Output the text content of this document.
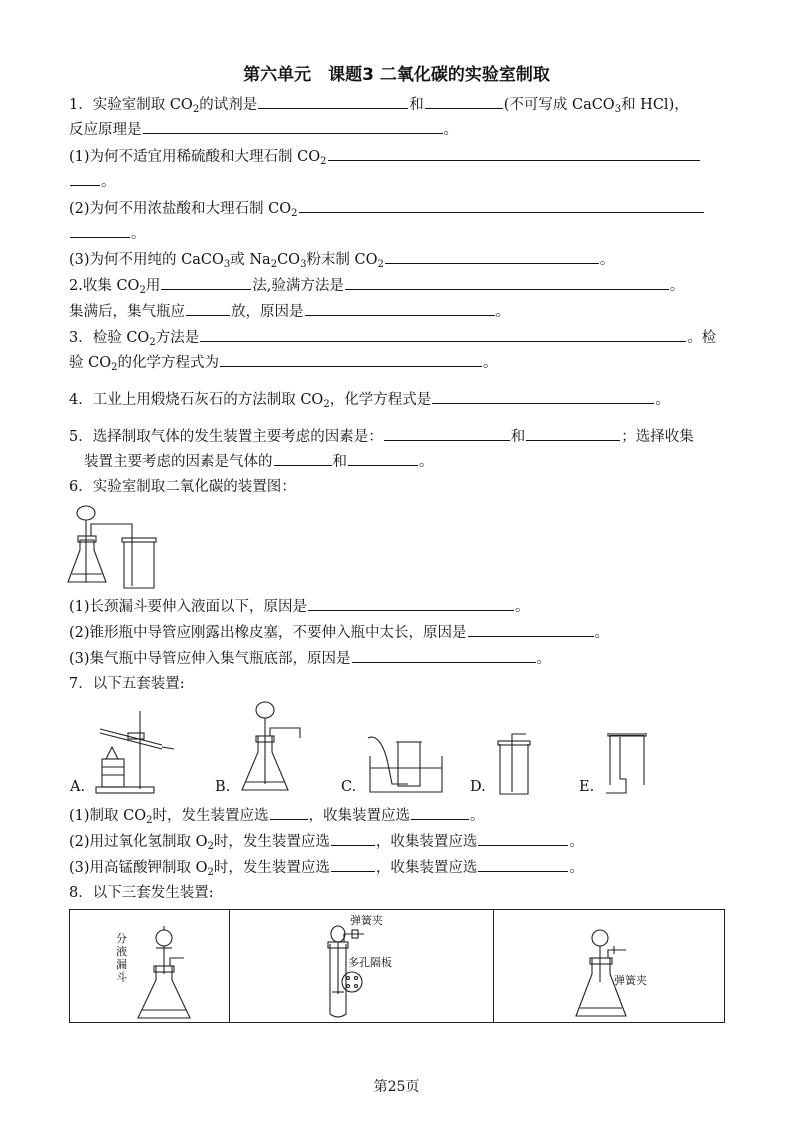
第六单元　课题3 二氧化碳的实验室制取
1．实验室制取 $CO_2$的试剂是	和	(不可写成 CaCO$_3$和 HCl)，
反应原理是	。
(1)为何不适宜用稀硫酸和大理石制 $CO_2$
。
(2)为何不用浓盐酸和大理石制 $CO_2$
。
(3)为何不用纯的 CaCO$_3$或 $Na_2CO_3$粉末制 $CO_2$	。
2.收集 $CO_2$用	法,验满方法是	。
集满后，集气瓶应	放，原因是	。
3．检验 $CO_2$方法是	。检
验 $CO_2$的化学方程式为	。
4．工业上用煅烧石灰石的方法制取 $CO_2$，化学方程式是	。
5．选择制取气体的发生装置主要考虑的因素是：	和	；选择收集
装置主要考虑的因素是气体的	和	。
6．实验室制取二氧化碳的装置图：
(1)长颈漏斗要伸入液面以下，原因是	。
(2)锥形瓶中导管应刚露出橡皮塞，不要伸入瓶中太长，原因是	。
(3)集气瓶中导管应伸入集气瓶底部，原因是	。
7．以下五套装置:
A.	B.	C.	D.	E.
(1)制取 $CO_2$时，发生装置应选	，收集装置应选	。
(2)用过氧化氢制取 $O_2$时，发生装置应选	，收集装置应选	。
(3)用高锰酸钾制取 $O_2$时，发生装置应选	，收集装置应选	。
8．以下三套发生装置:
分液漏斗
弹簧夹
多孔隔板
弹簧夹
第25页
